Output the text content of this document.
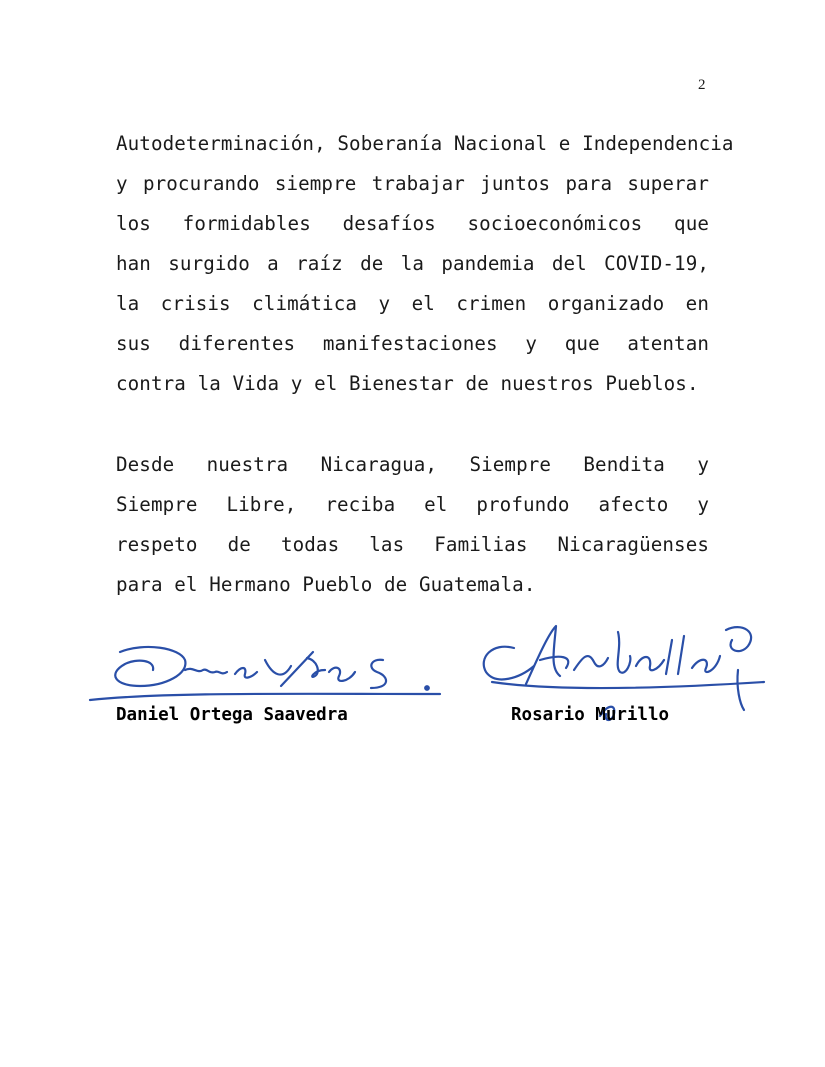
2
Autodeterminación, Soberanía Nacional e Independencia
y procurando siempre trabajar juntos para superar
los formidables desafíos socioeconómicos que
han surgido a raíz de la pandemia del COVID-19,
la crisis climática y el crimen organizado en
sus diferentes manifestaciones y que atentan
contra la Vida y el Bienestar de nuestros Pueblos.
Desde nuestra Nicaragua, Siempre Bendita y
Siempre Libre, reciba el profundo afecto y
respeto de todas las Familias Nicaragüenses
para el Hermano Pueblo de Guatemala.
Daniel Ortega Saavedra	Rosario Murillo
